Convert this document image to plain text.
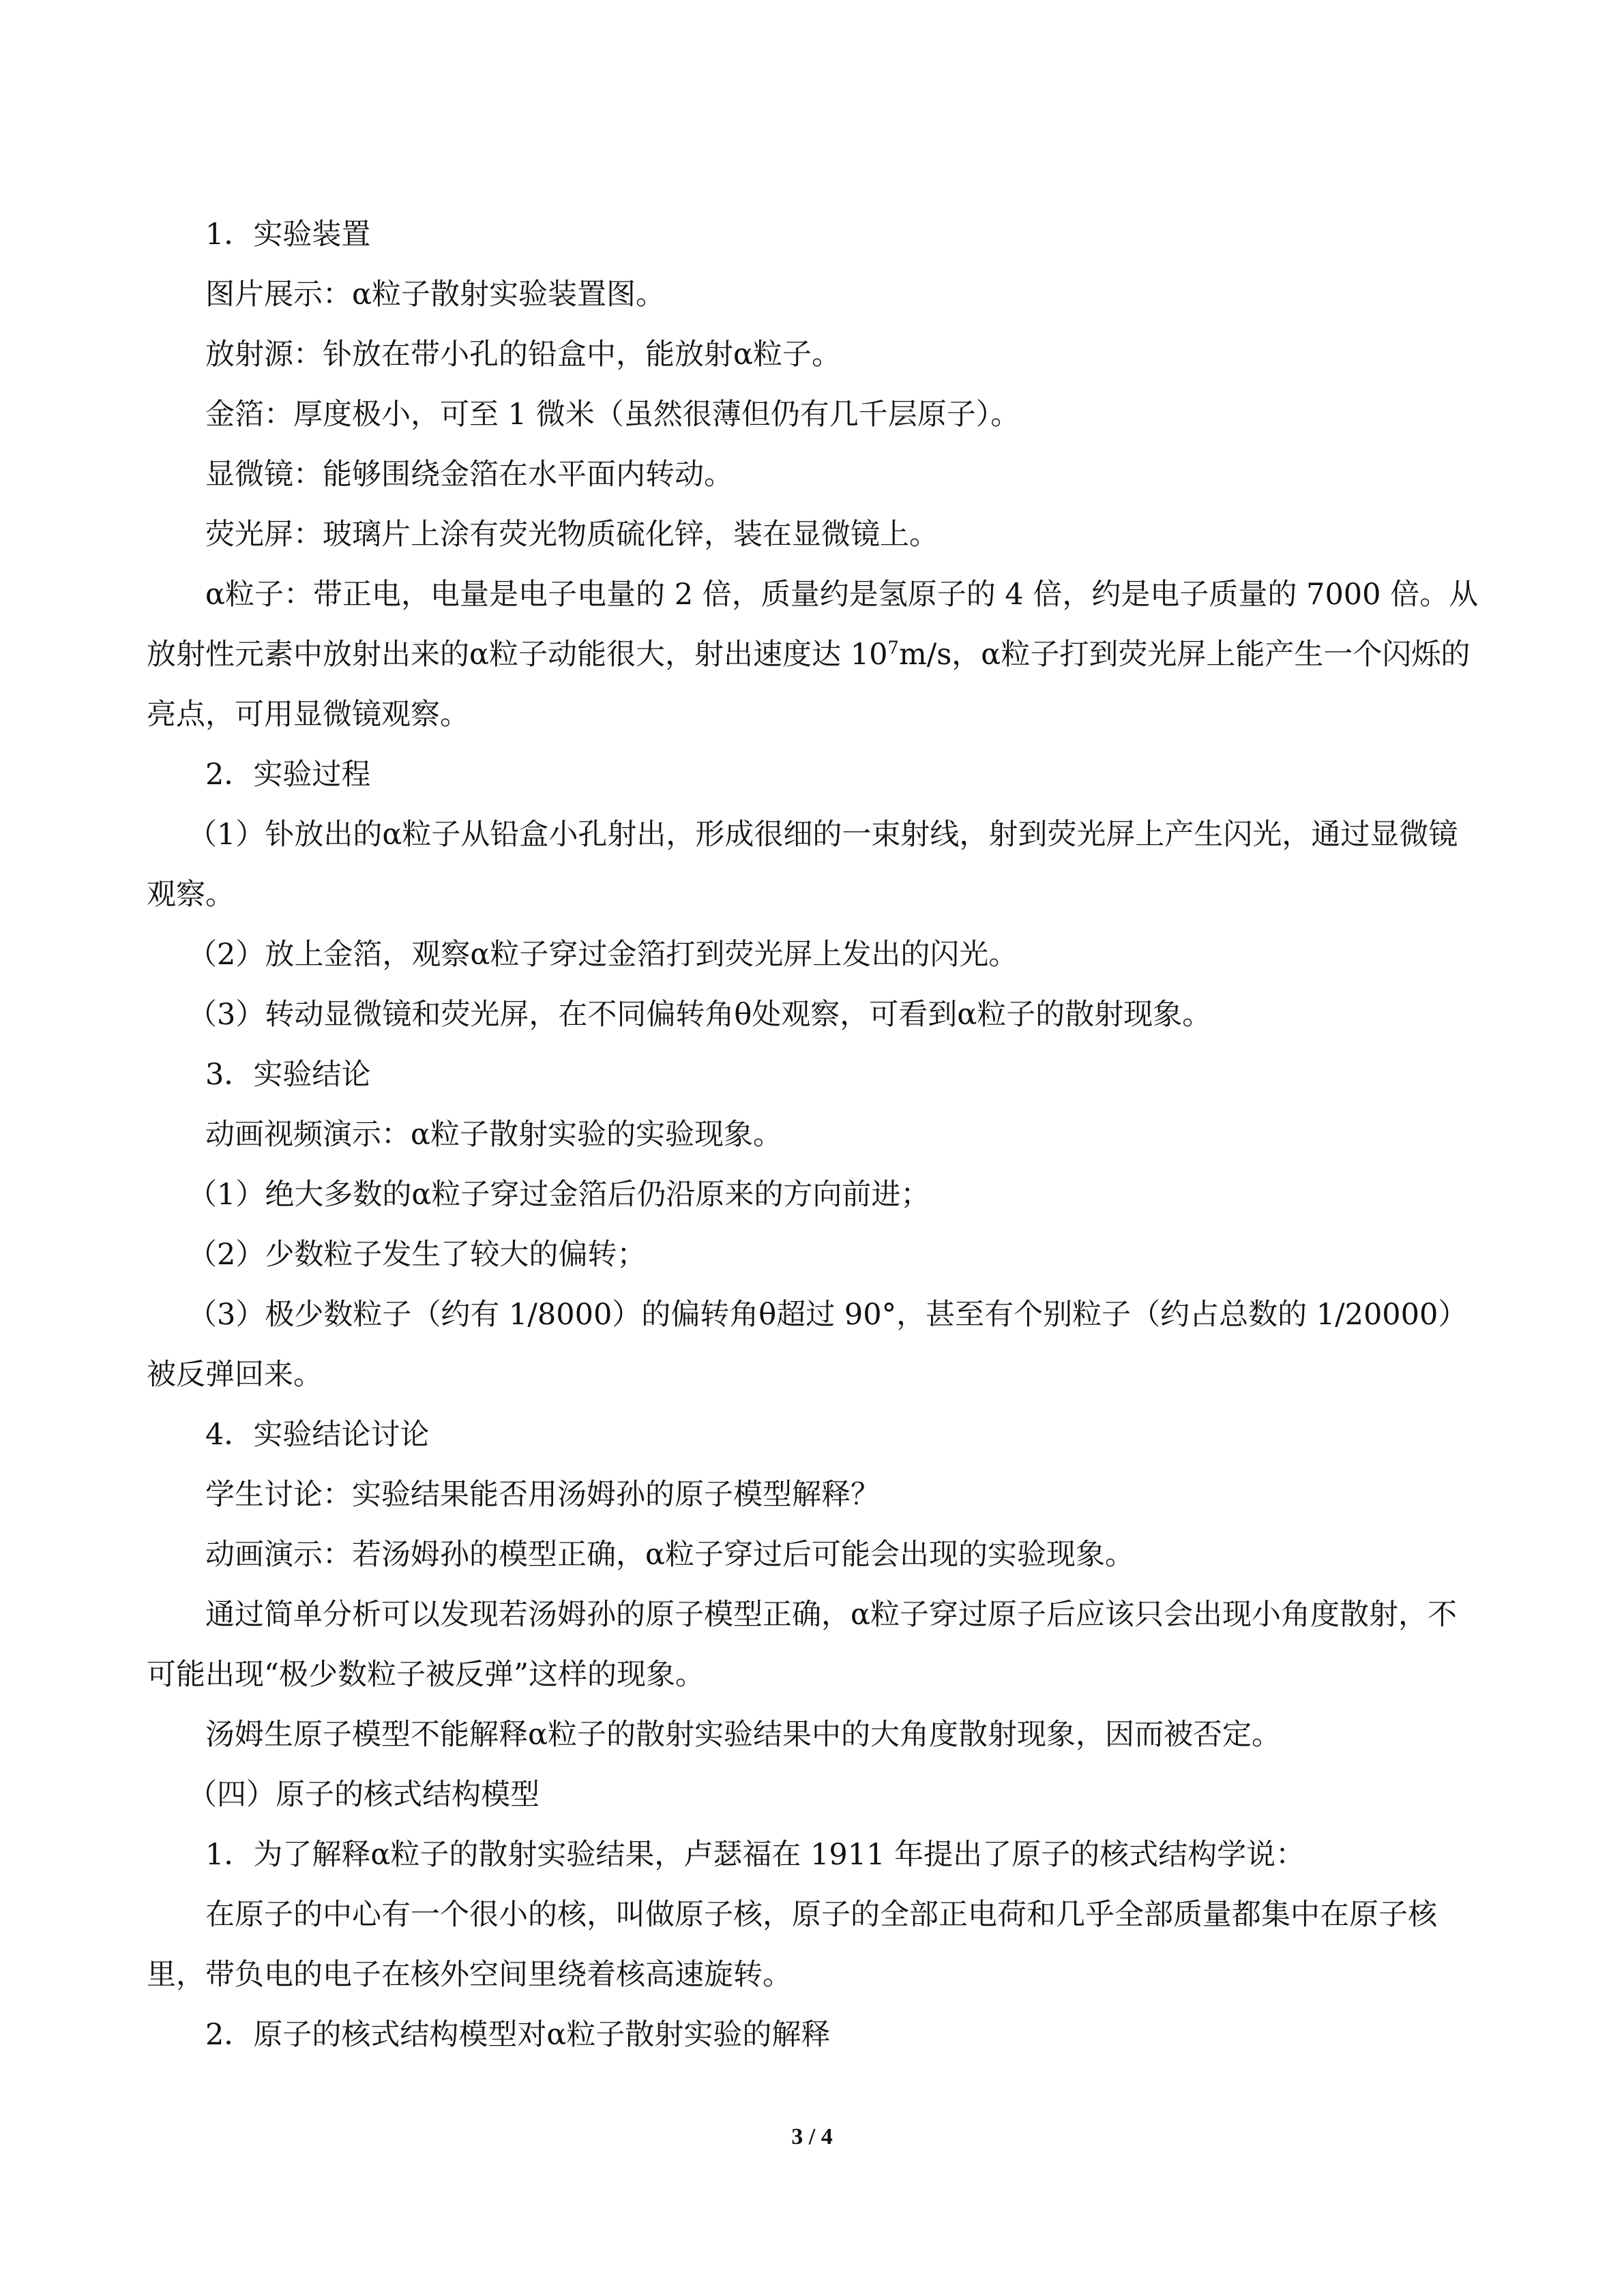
1．实验装置

图片展示：α粒子散射实验装置图。

放射源：钋放在带小孔的铅盒中，能放射α粒子。

金箔：厚度极小，可至 1 微米（虽然很薄但仍有几千层原子）。

显微镜：能够围绕金箔在水平面内转动。

荧光屏：玻璃片上涂有荧光物质硫化锌，装在显微镜上。

α粒子：带正电，电量是电子电量的 2 倍，质量约是氢原子的 4 倍，约是电子质量的 7000 倍。从放射性元素中放射出来的α粒子动能很大，射出速度达 $10^7m/s$，α粒子打到荧光屏上能产生一个闪烁的亮点，可用显微镜观察。

2．实验过程

（1）钋放出的α粒子从铅盒小孔射出，形成很细的一束射线，射到荧光屏上产生闪光，通过显微镜观察。

（2）放上金箔，观察α粒子穿过金箔打到荧光屏上发出的闪光。

（3）转动显微镜和荧光屏，在不同偏转角θ处观察，可看到α粒子的散射现象。

3．实验结论

动画视频演示：α粒子散射实验的实验现象。

（1）绝大多数的α粒子穿过金箔后仍沿原来的方向前进；

（2）少数粒子发生了较大的偏转；

（3）极少数粒子（约有 1/8000）的偏转角θ超过 90°，甚至有个别粒子（约占总数的 1/20000）被反弹回来。

4．实验结论讨论

学生讨论：实验结果能否用汤姆孙的原子模型解释？

动画演示：若汤姆孙的模型正确，α粒子穿过后可能会出现的实验现象。

通过简单分析可以发现若汤姆孙的原子模型正确，α粒子穿过原子后应该只会出现小角度散射，不可能出现“极少数粒子被反弹”这样的现象。

汤姆生原子模型不能解释α粒子的散射实验结果中的大角度散射现象，因而被否定。

（四）原子的核式结构模型

1．为了解释α粒子的散射实验结果，卢瑟福在 1911 年提出了原子的核式结构学说：

在原子的中心有一个很小的核，叫做原子核，原子的全部正电荷和几乎全部质量都集中在原子核里，带负电的电子在核外空间里绕着核高速旋转。

2．原子的核式结构模型对α粒子散射实验的解释

3 / 4
